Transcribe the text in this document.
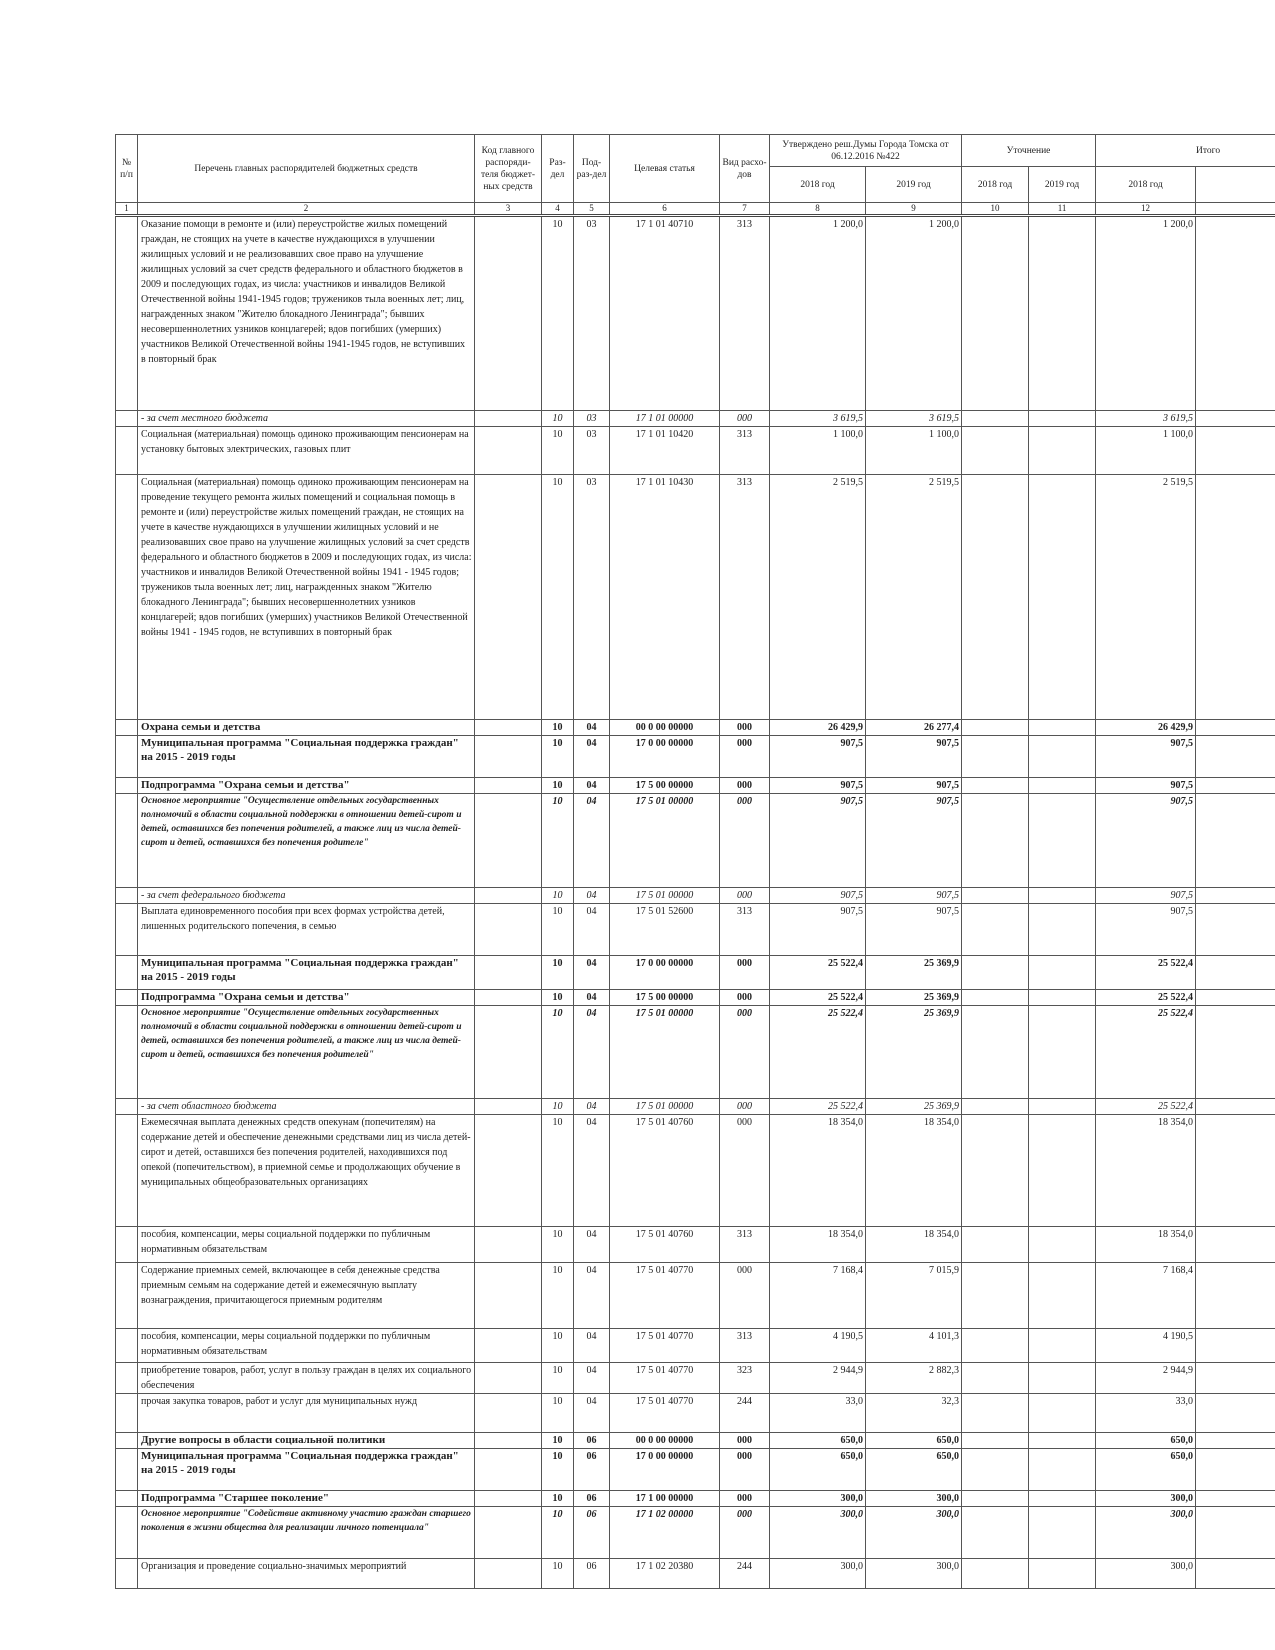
№ п/п	Перечень главных распорядителей бюджетных средств	Код главного распоряди-теля бюджет-ных средств	Раз-дел	Под-раз-дел	Целевая статья	Вид расхо-дов	Утверждено реш.Думы Города Томска от 06.12.2016 №422		Уточнение		Итого	
							2018 год	2019 год	2018 год	2019 год	2018 год	
1	2	3	4	5	6	7	8	9	10	11	12	
	Оказание помощи в ремонте и (или) переустройстве жилых помещений граждан, не стоящих на учете в качестве нуждающихся в улучшении жилищных условий и не реализовавших свое право на улучшение жилищных условий за счет средств федерального и областного бюджетов в 2009 и последующих годах, из числа: участников и инвалидов Великой Отечественной войны 1941-1945 годов; тружеников тыла военных лет; лиц, награжденных знаком "Жителю блокадного Ленинграда"; бывших несовершеннолетних узников концлагерей; вдов погибших (умерших) участников Великой Отечественной войны 1941-1945 годов, не вступивших в повторный брак		10	03	17 1 01 40710	313	1 200,0	1 200,0			1 200,0	
	- за счет местного бюджета		10	03	17 1 01 00000	000	3 619,5	3 619,5			3 619,5	
	Социальная (материальная) помощь одиноко проживающим пенсионерам на установку бытовых электрических, газовых плит		10	03	17 1 01 10420	313	1 100,0	1 100,0			1 100,0	
	Социальная (материальная) помощь одиноко проживающим пенсионерам на проведение текущего ремонта жилых помещений и социальная помощь в ремонте и (или) переустройстве жилых помещений граждан, не стоящих на учете в качестве нуждающихся в улучшении жилищных условий и не реализовавших свое право на улучшение жилищных условий за счет средств федерального и областного бюджетов в 2009 и последующих годах, из числа: участников и инвалидов Великой Отечественной войны 1941 - 1945 годов; тружеников тыла военных лет; лиц, награжденных знаком "Жителю блокадного Ленинграда"; бывших несовершеннолетних узников концлагерей; вдов погибших (умерших) участников Великой Отечественной войны 1941 - 1945 годов, не вступивших в повторный брак		10	03	17 1 01 10430	313	2 519,5	2 519,5			2 519,5	
	Охрана семьи и детства		10	04	00 0 00 00000	000	26 429,9	26 277,4			26 429,9	
	Муниципальная программа "Социальная поддержка граждан" на 2015 - 2019 годы		10	04	17 0 00 00000	000	907,5	907,5			907,5	
	Подпрограмма "Охрана семьи и детства"		10	04	17 5 00 00000	000	907,5	907,5			907,5	
	Основное мероприятие "Осуществление отдельных государственных полномочий в области социальной поддержки в отношении детей-сирот и детей, оставшихся без попечения родителей, а также лиц из числа детей-сирот и детей, оставшихся без попечения родителе"		10	04	17 5 01 00000	000	907,5	907,5			907,5	
	- за счет федерального бюджета		10	04	17 5 01 00000	000	907,5	907,5			907,5	
	Выплата единовременного пособия при всех формах устройства детей, лишенных родительского попечения, в семью		10	04	17 5 01 52600	313	907,5	907,5			907,5	
	Муниципальная программа "Социальная поддержка граждан" на 2015 - 2019 годы		10	04	17 0 00 00000	000	25 522,4	25 369,9			25 522,4	
	Подпрограмма "Охрана семьи и детства"		10	04	17 5 00 00000	000	25 522,4	25 369,9			25 522,4	
	Основное мероприятие "Осуществление отдельных государственных полномочий в области социальной поддержки в отношении детей-сирот и детей, оставшихся без попечения родителей, а также лиц из числа детей-сирот и детей, оставшихся без попечения родителей"		10	04	17 5 01 00000	000	25 522,4	25 369,9			25 522,4	
	- за счет областного бюджета		10	04	17 5 01 00000	000	25 522,4	25 369,9			25 522,4	
	Ежемесячная выплата денежных средств опекунам (попечителям) на содержание детей и обеспечение денежными средствами лиц из числа детей-сирот и детей, оставшихся без попечения родителей, находившихся под опекой (попечительством), в приемной семье и продолжающих обучение в муниципальных общеобразовательных организациях		10	04	17 5 01 40760	000	18 354,0	18 354,0			18 354,0	
	пособия, компенсации, меры социальной поддержки по публичным нормативным обязательствам		10	04	17 5 01 40760	313	18 354,0	18 354,0			18 354,0	
	Содержание приемных семей, включающее в себя денежные средства приемным семьям на содержание детей и ежемесячную выплату вознаграждения, причитающегося приемным родителям		10	04	17 5 01 40770	000	7 168,4	7 015,9			7 168,4	
	пособия, компенсации, меры социальной поддержки по публичным нормативным обязательствам		10	04	17 5 01 40770	313	4 190,5	4 101,3			4 190,5	
	приобретение товаров, работ, услуг в пользу граждан в целях их социального обеспечения		10	04	17 5 01 40770	323	2 944,9	2 882,3			2 944,9	
	прочая закупка товаров, работ и услуг для муниципальных нужд		10	04	17 5 01 40770	244	33,0	32,3			33,0	
	Другие вопросы в области социальной политики		10	06	00 0 00 00000	000	650,0	650,0			650,0	
	Муниципальная программа "Социальная поддержка граждан" на 2015 - 2019 годы		10	06	17 0 00 00000	000	650,0	650,0			650,0	
	Подпрограмма "Старшее поколение"		10	06	17 1 00 00000	000	300,0	300,0			300,0	
	Основное мероприятие "Содействие активному участию граждан старшего поколения в жизни общества для реализации личного потенциала"		10	06	17 1 02 00000	000	300,0	300,0			300,0	
	Организация и проведение социально-значимых мероприятий		10	06	17 1 02 20380	244	300,0	300,0			300,0	
